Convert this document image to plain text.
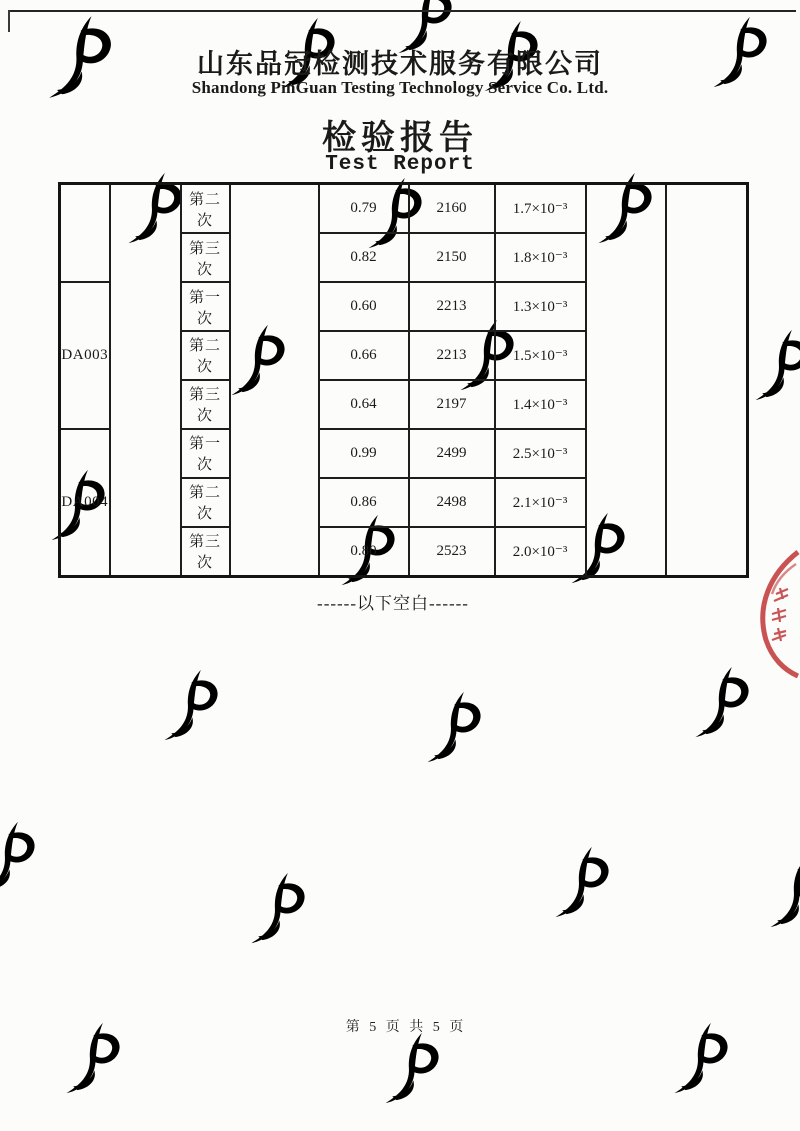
山东品冠检测技术服务有限公司
Shandong PinGuan Testing Technology Service Co. Ltd.
检验报告
Test Report
		第二次		0.79	2160	1.7×10⁻³		
		第三次		0.82	2150	1.8×10⁻³		
DA003		第一次		0.60	2213	1.3×10⁻³		
		第二次		0.66	2213	1.5×10⁻³		
		第三次		0.64	2197	1.4×10⁻³		
DA004		第一次		0.99	2499	2.5×10⁻³		
		第二次		0.86	2498	2.1×10⁻³		
		第三次		0.80	2523	2.0×10⁻³		
------以下空白------
第 5 页 共 5 页
